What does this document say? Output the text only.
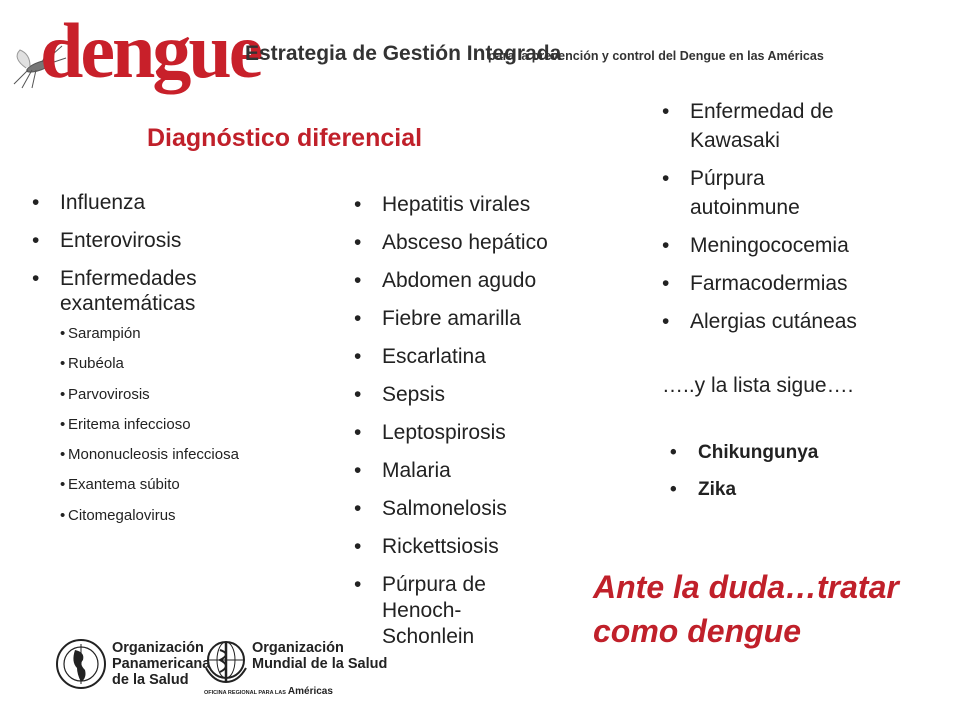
dengue
Estrategia de Gestión Integrada
para la prevención y control del Dengue en las Américas
Diagnóstico diferencial
• Influenza
• Enterovirosis
• Enfermedades exantemáticas
• Sarampión
• Rubéola
• Parvovirosis
• Eritema infeccioso
• Mononucleosis infecciosa
• Exantema súbito
• Citomegalovirus
• Hepatitis virales
• Absceso hepático
• Abdomen agudo
• Fiebre amarilla
• Escarlatina
• Sepsis
• Leptospirosis
• Malaria
• Salmonelosis
• Rickettsiosis
• Púrpura de Henoch-Schonlein
• Enfermedad de Kawasaki
• Púrpura autoinmune
• Meningococemia
• Farmacodermias
• Alergias cutáneas
…..y la lista sigue….
• Chikungunya
• Zika
Ante la duda…tratar como dengue
Organización
Panamericana
de la Salud
Organización
Mundial de la Salud
OFICINA REGIONAL PARA LAS Américas
